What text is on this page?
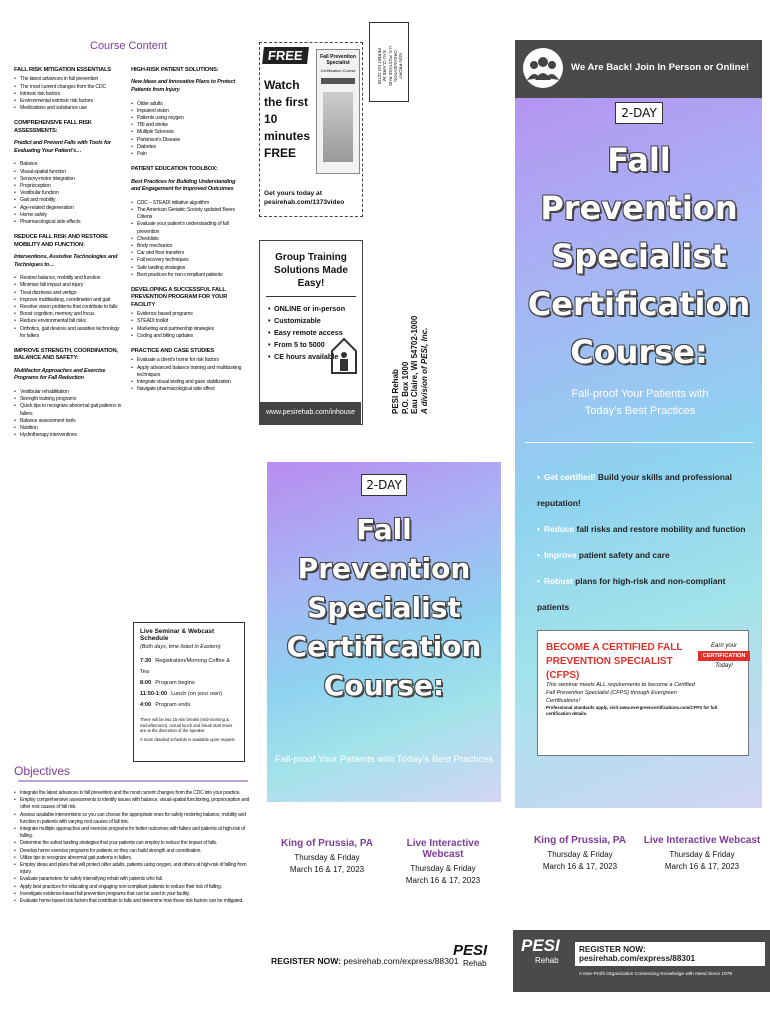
Course Content
FALL RISK MITIGATION ESSENTIALS
• The latest advances in fall prevention
• The most current changes from the CDC
• Intrinsic risk factors
• Environmental extrinsic risk factors
• Medications and substance use
COMPREHENSIVE FALL RISK ASSESSMENTS:
Predict and Prevent Falls with Tools for Evaluating Your Patient’s…
• Balance
• Visual-spatial function
• Sensory-motor integration
• Proprioception
• Vestibular function
• Gait and mobility
• Age-related degeneration
• Home safety
• Pharmacological side effects
REDUCE FALL RISK AND RESTORE MOBILITY AND FUNCTION:
Interventions, Assistive Technologies and Techniques to…
• Restore balance, mobility and function
• Minimize fall impact and injury
• Treat dizziness and vertigo
• Improve multitasking, coordination and gait
• Resolve vision problems that contribute to falls
• Boost cognition, memory and focus
• Reduce environmental fall risks
• Orthotics, gait devices and assistive technology for fallers
IMPROVE STRENGTH, COORDINATION, BALANCE AND SAFETY:
Multifactor Approaches and Exercise Programs for Fall Reduction
• Vestibular rehabilitation
• Strength training programs
• Quick tips to recognize abnormal gait patterns in fallers
• Balance assessment tools
• Nutrition
• Hydrotherapy interventions
HIGH-RISK PATIENT SOLUTIONS:
New Ideas and Innovative Plans to Protect Patients from Injury
• Older adults
• Impaired vision
• Patients using oxygen
• TBI and stroke
• Multiple Sclerosis
• Parkinson’s Disease
• Diabetes
• Pain
PATIENT EDUCATION TOOLBOX:
Best Practices for Building Understanding and Engagement for Improved Outcomes
• CDC – STEADI initiative algorithm
• The American Geriatric Society updated Beers Criteria
• Evaluate your patient’s understanding of fall prevention
• Checklists
• Body mechanics
• Car and floor transfers
• Fall recovery techniques
• Safe landing strategies
• Best practices for non-compliant patients
DEVELOPING A SUCCESSFUL FALL PREVENTION PROGRAM FOR YOUR FACILITY
• Evidence based programs
• STEADI toolkit
• Marketing and partnership strategies
• Coding and billing updates
PRACTICE AND CASE STUDIES
• Evaluate a client’s home for risk factors
• Apply advanced balance training and multitasking techniques
• Integrate visual testing and gaze stabilization
• Navigate pharmacological side effect
Live Seminar & Webcast Schedule
(Both days, time listed in Eastern)
7:30 Registration/Morning Coffee & Tea
8:00 Program begins
11:50-1:00 Lunch (on your own)
4:00 Program ends
There will be two 15-min breaks (mid-morning & mid-afternoon). Actual lunch and break start times are at the discretion of the speaker.
A more detailed schedule is available upon request.
Objectives
• Integrate the latest advances in fall prevention and the most current changes from the CDC into your practice.
• Employ comprehensive assessments to identify issues with balance, visual-spatial functioning, proprioception and other root causes of fall risk.
• Assess available interventions so you can choose the appropriate ones for safely restoring balance, mobility and function in patients with varying root causes of fall risk.
• Integrate multiple approaches and exercise programs for better outcomes with fallers and patients at high-risk of falling.
• Determine the safest landing strategies that your patients can employ to reduce the impact of falls.
• Develop home exercise programs for patients so they can build strength and coordination.
• Utilize tips to recognize abnormal gait patterns in fallers.
• Employ ideas and plans that will protect older adults, patients using oxygen, and others at high-risk of falling from injury.
• Evaluate parameters for safely intensifying rehab with patients who fall.
• Apply best practices for educating and engaging non-compliant patients to reduce their risk of falling.
• Investigate evidence-based fall prevention programs that can be used in your facility.
• Evaluate home-based risk factors that contribute to falls and determine how these risk factors can be mitigated.
FREE
Watch
the first
10 minutes
FREE
Fall Prevention Specialist
Certification Course
Get yours today at
pesirehab.com/1373video
NON-PROFIT
ORGANIZATION
U.S. POSTAGE PAID
EAU CLAIRE WI
PERMIT NO 32729
Group Training Solutions Made Easy!
• ONLINE or in-person
• Customizable
• Easy remote access
• From 5 to 5000
• CE hours available
www.pesirehab.com/inhouse	PESI Rehab P.O. Box 1000 Eau Claire, WI 54702-1000 A division of PESI, Inc.
2-DAY
Fall Prevention Specialist Certification Course:
Fall-proof Your Patients with Today’s Best Practices
King of Prussia, PA
Thursday & Friday
March 16 & 17, 2023
Live Interactive Webcast
Thursday & Friday
March 16 & 17, 2023
REGISTER NOW: pesirehab.com/express/88301
PESI
Rehab
We Are Back! Join In Person or Online!
2-DAY
Fall Prevention Specialist Certification Course:
Fall-proof Your Patients with Today’s Best Practices
• Get certified! Build your skills and professional reputation!
• Reduce fall risks and restore mobility and function
• Improve patient safety and care
• Robust plans for high-risk and non-compliant patients
BECOME A CERTIFIED FALL PREVENTION SPECIALIST (CFPS)
Earn your
CERTIFICATION
Today!
This seminar meets ALL requirements to become a Certified Fall Prevention Specialist (CFPS) through Evergreen Certifications!
Professional standards apply, visit www.evergreencertifications.com/CFPS for full certification details.
King of Prussia, PA
Thursday & Friday
March 16 & 17, 2023
Live Interactive Webcast
Thursday & Friday
March 16 & 17, 2023
PESI
Rehab
REGISTER NOW: pesirehab.com/express/88301
A Non-Profit Organization Connecting Knowledge with Need Since 1979
